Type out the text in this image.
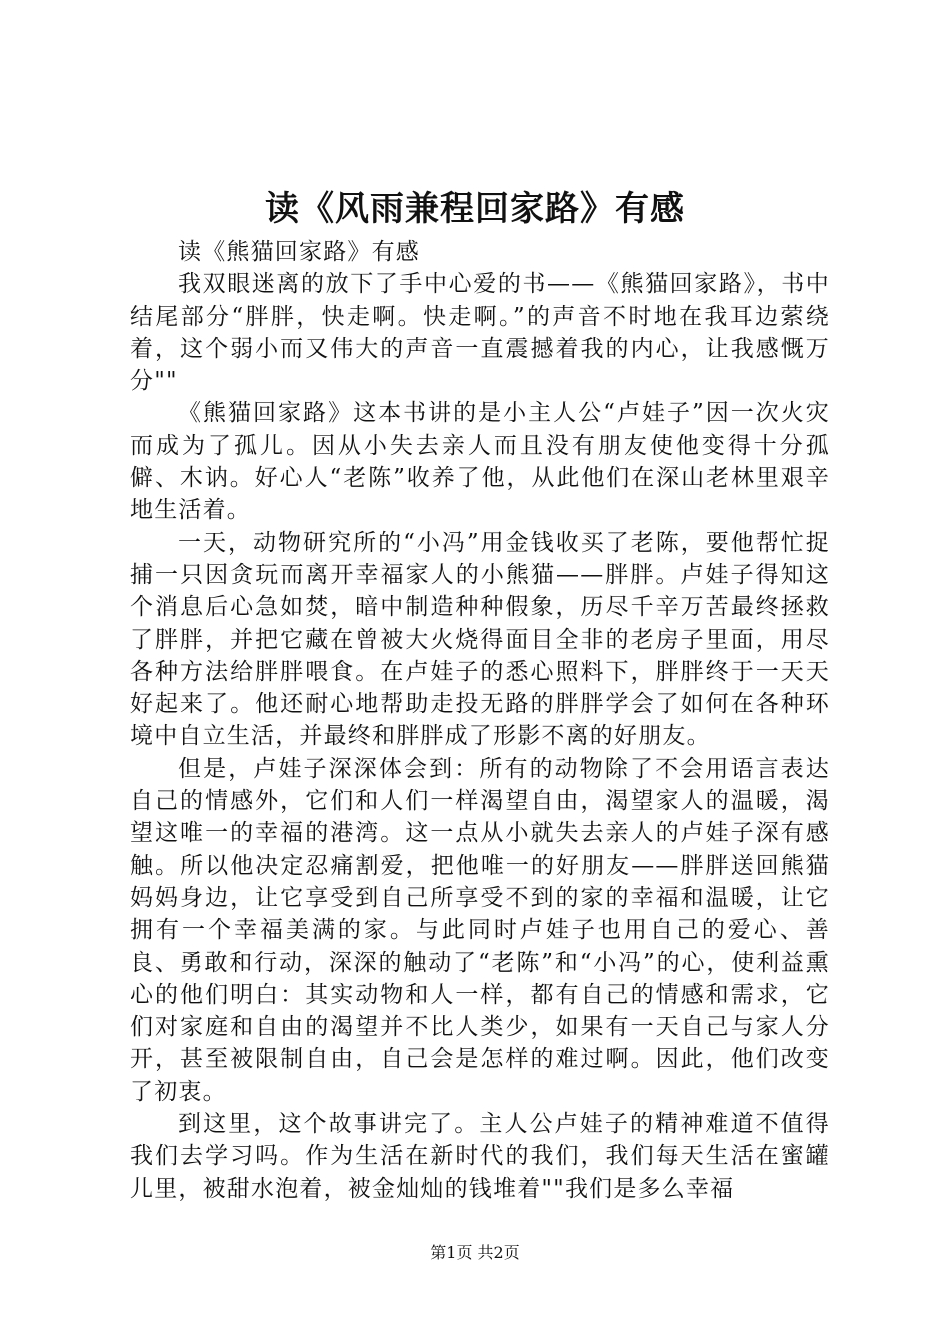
读《风雨兼程回家路》有感

读《熊猫回家路》有感

我双眼迷离的放下了手中心爱的书——《熊猫回家路》，书中结尾部分“胖胖，快走啊。快走啊。”的声音不时地在我耳边萦绕着，这个弱小而又伟大的声音一直震撼着我的内心，让我感慨万分""

《熊猫回家路》这本书讲的是小主人公“卢娃子”因一次火灾而成为了孤儿。因从小失去亲人而且没有朋友使他变得十分孤僻、木讷。好心人“老陈”收养了他，从此他们在深山老林里艰辛地生活着。

一天，动物研究所的“小冯”用金钱收买了老陈，要他帮忙捉捕一只因贪玩而离开幸福家人的小熊猫——胖胖。卢娃子得知这个消息后心急如焚，暗中制造种种假象，历尽千辛万苦最终拯救了胖胖，并把它藏在曾被大火烧得面目全非的老房子里面，用尽各种方法给胖胖喂食。在卢娃子的悉心照料下，胖胖终于一天天好起来了。他还耐心地帮助走投无路的胖胖学会了如何在各种环境中自立生活，并最终和胖胖成了形影不离的好朋友。

但是，卢娃子深深体会到：所有的动物除了不会用语言表达自己的情感外，它们和人们一样渴望自由，渴望家人的温暖，渴望这唯一的幸福的港湾。这一点从小就失去亲人的卢娃子深有感触。所以他决定忍痛割爱，把他唯一的好朋友——胖胖送回熊猫妈妈身边，让它享受到自己所享受不到的家的幸福和温暖，让它拥有一个幸福美满的家。与此同时卢娃子也用自己的爱心、善良、勇敢和行动，深深的触动了“老陈”和“小冯”的心，使利益熏心的他们明白：其实动物和人一样，都有自己的情感和需求，它们对家庭和自由的渴望并不比人类少，如果有一天自己与家人分开，甚至被限制自由，自己会是怎样的难过啊。因此，他们改变了初衷。

到这里，这个故事讲完了。主人公卢娃子的精神难道不值得我们去学习吗。作为生活在新时代的我们，我们每天生活在蜜罐儿里，被甜水泡着，被金灿灿的钱堆着""我们是多么幸福

第1页 共2页
